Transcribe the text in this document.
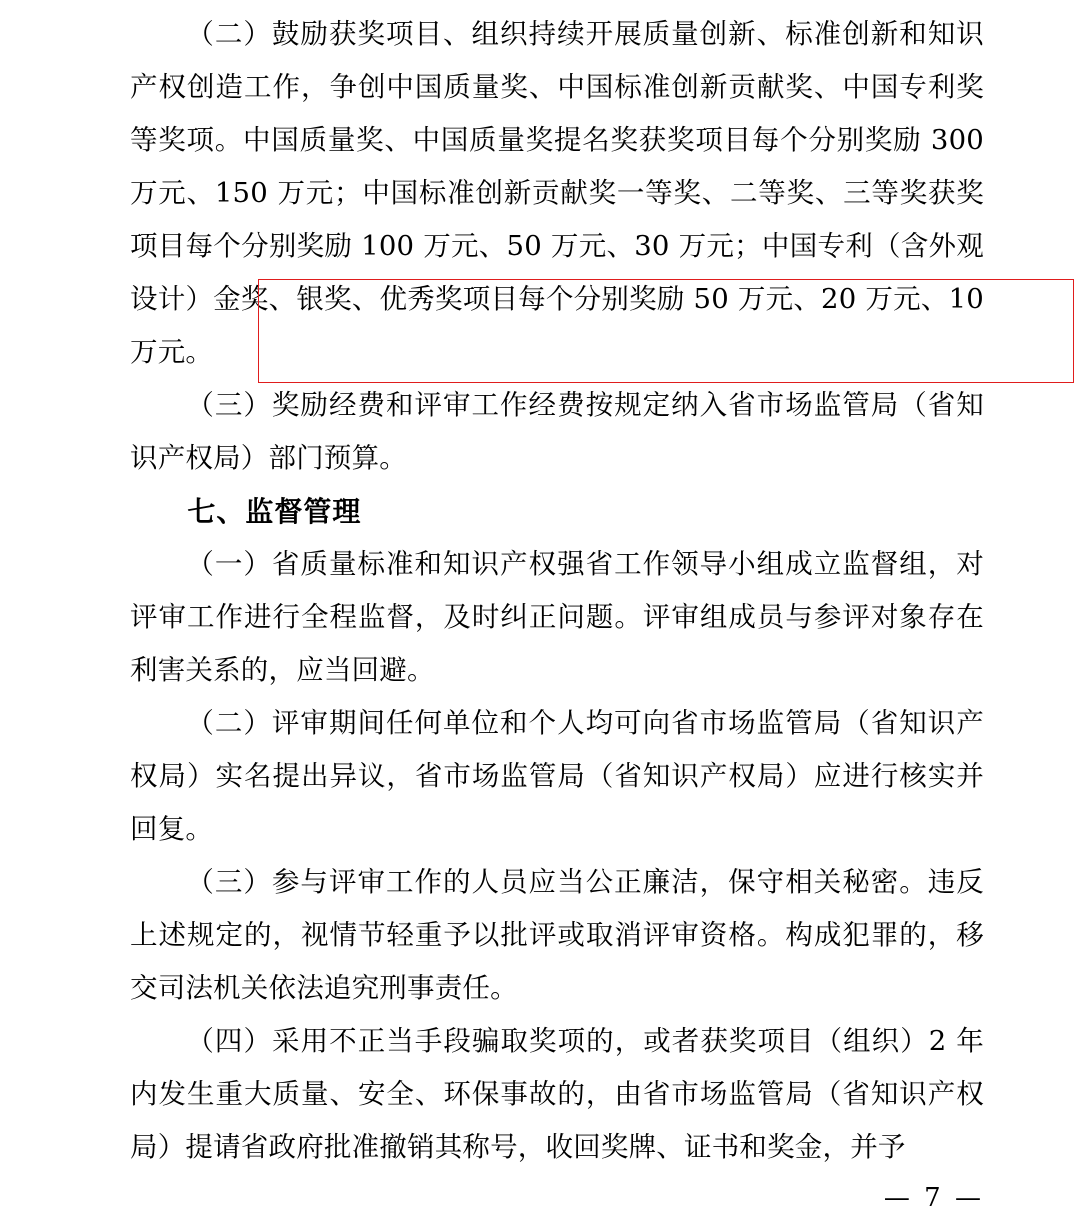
（二）鼓励获奖项目、组织持续开展质量创新、标准创新和知识产权创造工作，争创中国质量奖、中国标准创新贡献奖、中国专利奖等奖项。中国质量奖、中国质量奖提名奖获奖项目每个分别奖励 300 万元、150 万元；中国标准创新贡献奖一等奖、二等奖、三等奖获奖项目每个分别奖励 100 万元、50 万元、30 万元；中国专利（含外观设计）金奖、银奖、优秀奖项目每个分别奖励 50 万元、20 万元、10 万元。

（三）奖励经费和评审工作经费按规定纳入省市场监管局（省知识产权局）部门预算。

七、监督管理

（一）省质量标准和知识产权强省工作领导小组成立监督组，对评审工作进行全程监督，及时纠正问题。评审组成员与参评对象存在利害关系的，应当回避。

（二）评审期间任何单位和个人均可向省市场监管局（省知识产权局）实名提出异议，省市场监管局（省知识产权局）应进行核实并回复。

（三）参与评审工作的人员应当公正廉洁，保守相关秘密。违反上述规定的，视情节轻重予以批评或取消评审资格。构成犯罪的，移交司法机关依法追究刑事责任。

（四）采用不正当手段骗取奖项的，或者获奖项目（组织）2 年内发生重大质量、安全、环保事故的，由省市场监管局（省知识产权局）提请省政府批准撤销其称号，收回奖牌、证书和奖金，并予

— 7 —
